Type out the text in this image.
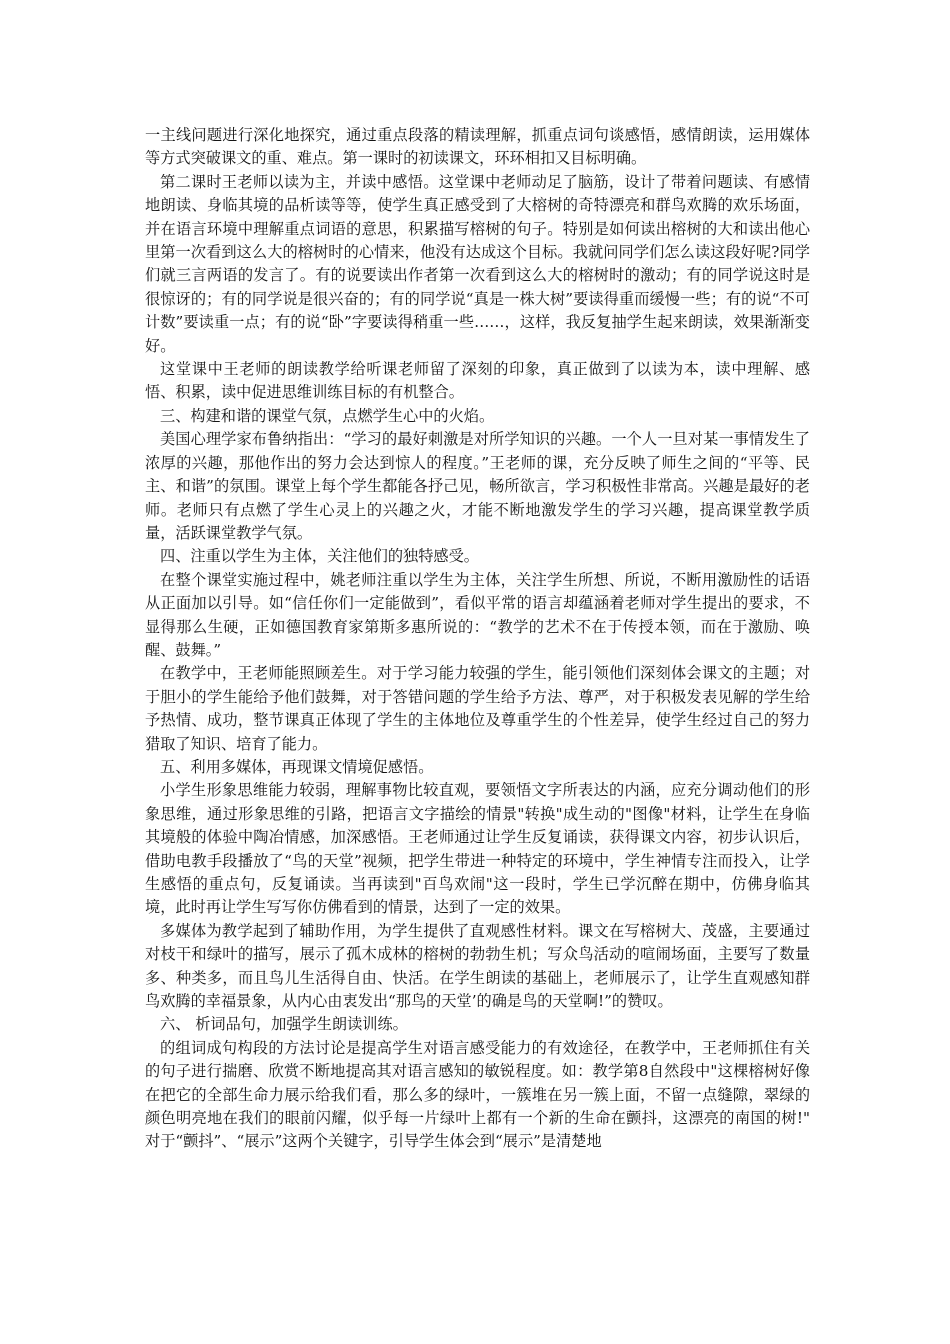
一主线问题进行深化地探究，通过重点段落的精读理解，抓重点词句谈感悟，感情朗读，运用媒体等方式突破课文的重、难点。第一课时的初读课文，环环相扣又目标明确。

第二课时王老师以读为主，并读中感悟。这堂课中老师动足了脑筋，设计了带着问题读、有感情地朗读、身临其境的品析读等等，使学生真正感受到了大榕树的奇特漂亮和群鸟欢腾的欢乐场面，并在语言环境中理解重点词语的意思，积累描写榕树的句子。特别是如何读出榕树的大和读出他心里第一次看到这么大的榕树时的心情来，他没有达成这个目标。我就问同学们怎么读这段好呢?同学们就三言两语的发言了。有的说要读出作者第一次看到这么大的榕树时的激动；有的同学说这时是很惊讶的；有的同学说是很兴奋的；有的同学说“真是一株大树”要读得重而缓慢一些；有的说“不可计数”要读重一点；有的说“卧”字要读得稍重一些……，这样，我反复抽学生起来朗读，效果渐渐变好。

这堂课中王老师的朗读教学给听课老师留了深刻的印象，真正做到了以读为本，读中理解、感悟、积累，读中促进思维训练目标的有机整合。

三、构建和谐的课堂气氛，点燃学生心中的火焰。

美国心理学家布鲁纳指出：“学习的最好刺激是对所学知识的兴趣。一个人一旦对某一事情发生了浓厚的兴趣，那他作出的努力会达到惊人的程度。”王老师的课，充分反映了师生之间的“平等、民主、和谐”的氛围。课堂上每个学生都能各抒己见，畅所欲言，学习积极性非常高。兴趣是最好的老师。老师只有点燃了学生心灵上的兴趣之火，才能不断地激发学生的学习兴趣，提高课堂教学质量，活跃课堂教学气氛。

四、注重以学生为主体，关注他们的独特感受。

在整个课堂实施过程中，姚老师注重以学生为主体，关注学生所想、所说，不断用激励性的话语从正面加以引导。如“信任你们一定能做到”，看似平常的语言却蕴涵着老师对学生提出的要求，不显得那么生硬，正如德国教育家第斯多惠所说的：“教学的艺术不在于传授本领，而在于激励、唤醒、鼓舞。”

在教学中，王老师能照顾差生。对于学习能力较强的学生，能引领他们深刻体会课文的主题；对于胆小的学生能给予他们鼓舞，对于答错问题的学生给予方法、尊严，对于积极发表见解的学生给予热情、成功，整节课真正体现了学生的主体地位及尊重学生的个性差异，使学生经过自己的努力猎取了知识、培育了能力。

五、利用多媒体，再现课文情境促感悟。

小学生形象思维能力较弱，理解事物比较直观，要领悟文字所表达的内涵，应充分调动他们的形象思维，通过形象思维的引路，把语言文字描绘的情景"转换"成生动的"图像"材料，让学生在身临其境般的体验中陶冶情感，加深感悟。王老师通过让学生反复诵读，获得课文内容，初步认识后，借助电教手段播放了“鸟的天堂”视频，把学生带进一种特定的环境中，学生神情专注而投入，让学生感悟的重点句，反复诵读。当再读到"百鸟欢闹"这一段时，学生已学沉醉在期中，仿佛身临其境，此时再让学生写写你仿佛看到的情景，达到了一定的效果。

多媒体为教学起到了辅助作用，为学生提供了直观感性材料。课文在写榕树大、茂盛，主要通过对枝干和绿叶的描写，展示了孤木成林的榕树的勃勃生机；写众鸟活动的喧闹场面，主要写了数量多、种类多，而且鸟儿生活得自由、快活。在学生朗读的基础上，老师展示了，让学生直观感知群鸟欢腾的幸福景象，从内心由衷发出“那鸟的天堂’的确是鸟的天堂啊!”的赞叹。

六、 析词品句，加强学生朗读训练。

的组词成句构段的方法讨论是提高学生对语言感受能力的有效途径，在教学中，王老师抓住有关的句子进行揣磨、欣赏不断地提高其对语言感知的敏锐程度。如：教学第8自然段中"这棵榕树好像在把它的全部生命力展示给我们看，那么多的绿叶，一簇堆在另一簇上面，不留一点缝隙，翠绿的颜色明亮地在我们的眼前闪耀，似乎每一片绿叶上都有一个新的生命在颤抖，这漂亮的南国的树!" 对于“颤抖”、“展示”这两个关键字，引导学生体会到“展示”是清楚地
